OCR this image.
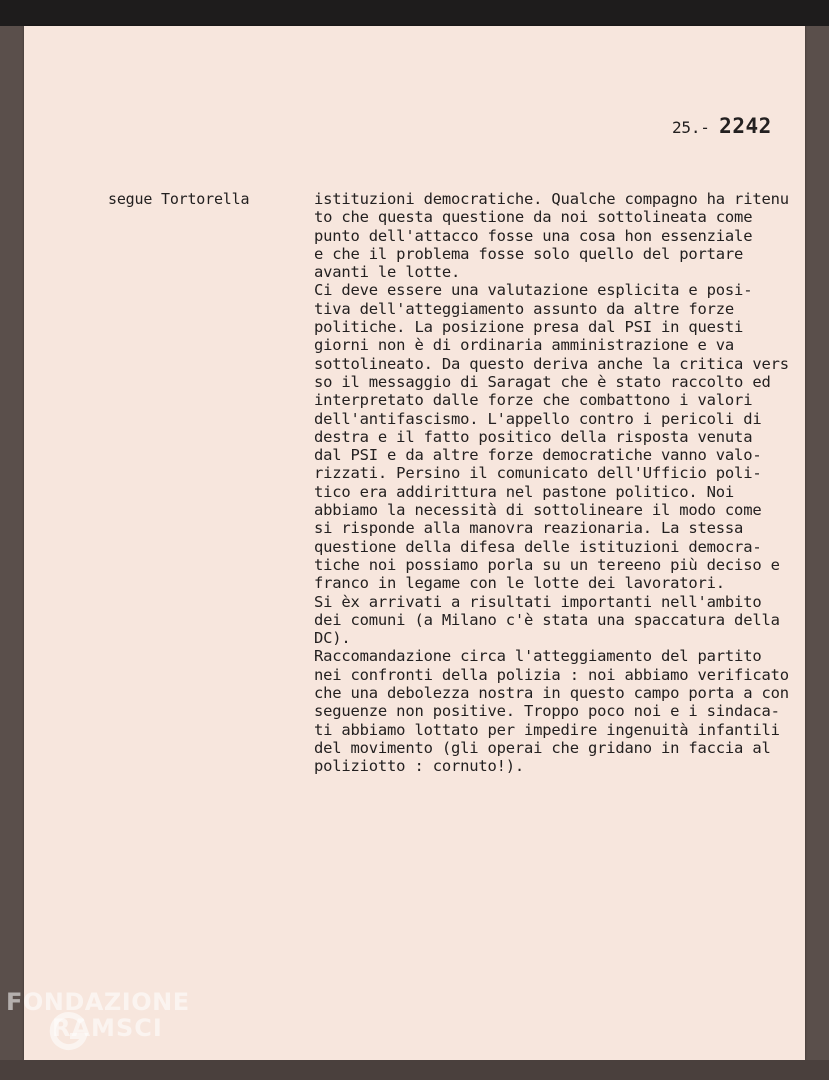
25.- 2242
segue Tortorella	istituzioni democratiche. Qualche compagno ha ritenu
to che questa questione da noi sottolineata come
punto dell'attacco fosse una cosa hon essenziale
e che il problema fosse solo quello del portare
avanti le lotte.
Ci deve essere una valutazione esplicita e posi-
tiva dell'atteggiamento assunto da altre forze
politiche. La posizione presa dal PSI in questi
giorni non è di ordinaria amministrazione e va
sottolineato. Da questo deriva anche la critica vers
so il messaggio di Saragat che è stato raccolto ed
interpretato dalle forze che combattono i valori
dell'antifascismo. L'appello contro i pericoli di
destra e il fatto positico della risposta venuta
dal PSI e da altre forze democratiche vanno valo-
rizzati. Persino il comunicato dell'Ufficio poli-
tico era addirittura nel pastone politico. Noi
abbiamo la necessità di sottolineare il modo come
si risponde alla manovra reazionaria. La stessa
questione della difesa delle istituzioni democra-
tiche noi possiamo porla su un tereeno più deciso e
franco in legame con le lotte dei lavoratori.
Si èx arrivati a risultati importanti nell'ambito
dei comuni (a Milano c'è stata una spaccatura della
DC).
Raccomandazione circa l'atteggiamento del partito
nei confronti della polizia : noi abbiamo verificato
che una debolezza nostra in questo campo porta a con
seguenze non positive. Troppo poco noi e i sindaca-
ti abbiamo lottato per impedire ingenuità infantili
del movimento (gli operai che gridano in faccia al
poliziotto : cornuto!).
FONDAZIONE
RAMSCI
